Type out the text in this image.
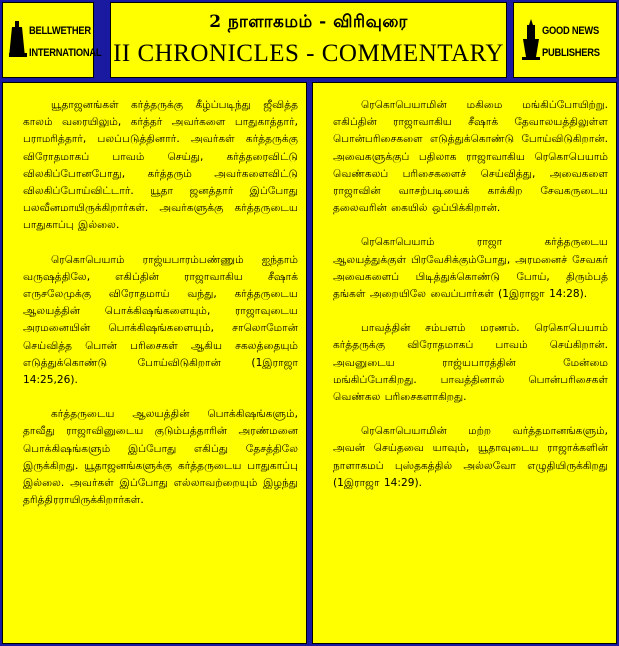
BELLWETHER
INTERNATIONAL
2 நாளாகமம் - விரிவுரை
II CHRONICLES - COMMENTARY
GOOD NEWS
PUBLISHERS

யூதாஜனங்கள் கர்த்தருக்கு கீழ்ப்படிந்து ஜீவித்த காலம் வரையிலும், கர்த்தர் அவர்களை பாதுகாத்தார், பராமரித்தார், பலப்படுத்தினார். அவர்கள் கர்த்தருக்கு விரோதமாகப் பாவம் செய்து, கர்த்தரைவிட்டு விலகிப்போனபோது, கர்த்தரும் அவர்களைவிட்டு விலகிப்போய்விட்டார். யூதா ஜனத்தார் இப்போது பலவீனமாயிருக்கிறார்கள். அவர்களுக்கு கர்த்தருடைய பாதுகாப்பு இல்லை.

ரெகொபெயாம் ராஜ்யபாரம்பண்ணும் ஐந்தாம் வருஷத்திலே, எகிப்தின் ராஜாவாகிய சீஷாக் எருசலேமுக்கு விரோதமாய் வந்து, கர்த்தருடைய ஆலயத்தின் பொக்கிஷங்களையும், ராஜாவுடைய அரமனையின் பொக்கிஷங்களையும், சாலொமோன் செய்வித்த பொன் பரிசைகள் ஆகிய சகலத்தையும் எடுத்துக்கொண்டு போய்விடுகிறான் (1இராஜா 14:25,26).

கர்த்தருடைய ஆலயத்தின் பொக்கிஷங்களும், தாவீது ராஜாவினுடைய குடும்பத்தாரின் அரண்மனை பொக்கிஷங்களும் இப்போது எகிப்து தேசத்திலே இருக்கிறது. யூதாஜனங்களுக்கு கர்த்தருடைய பாதுகாப்பு இல்லை. அவர்கள் இப்போது எல்லாவற்றையும் இழந்து தரித்திரராயிருக்கிறார்கள்.

ரெகொபெயாமின் மகிமை மங்கிப்போயிற்று. எகிப்தின் ராஜாவாகிய சீஷாக் தேவாலயத்திலுள்ள பொன்பரிசைகளை எடுத்துக்கொண்டு போய்விடுகிறான். அவைகளுக்குப் பதிலாக ராஜாவாகிய ரெகொபெயாம் வெண்கலப் பரிசைகளைச் செய்வித்து, அவைகளை ராஜாவின் வாசற்படியைக் காக்கிற சேவகருடைய தலைவரின் கையில் ஒப்பிக்கிறான்.

ரெகொபெயாம் ராஜா கர்த்தருடைய ஆலயத்துக்குள் பிரவேசிக்கும்போது, அரமனைச் சேவகர் அவைகளைப் பிடித்துக்கொண்டு போய், திரும்பத் தங்கள் அறையிலே வைப்பார்கள் (1இராஜா 14:28).

பாவத்தின் சம்பளம் மரணம். ரெகொபெயாம் கர்த்தருக்கு விரோதமாகப் பாவம் செய்கிறான். அவனுடைய ராஜ்யபாரத்தின் மேன்மை மங்கிப்போகிறது. பாவத்தினால் பொன்பரிசைகள் வெண்கல பரிசைகளாகிறது.

ரெகொபெயாமின் மற்ற வர்த்தமானங்களும், அவன் செய்தவை யாவும், யூதாவுடைய ராஜாக்களின் நாளாகமப் புஸ்தகத்தில் அல்லவோ எழுதியிருக்கிறது (1இராஜா 14:29).
